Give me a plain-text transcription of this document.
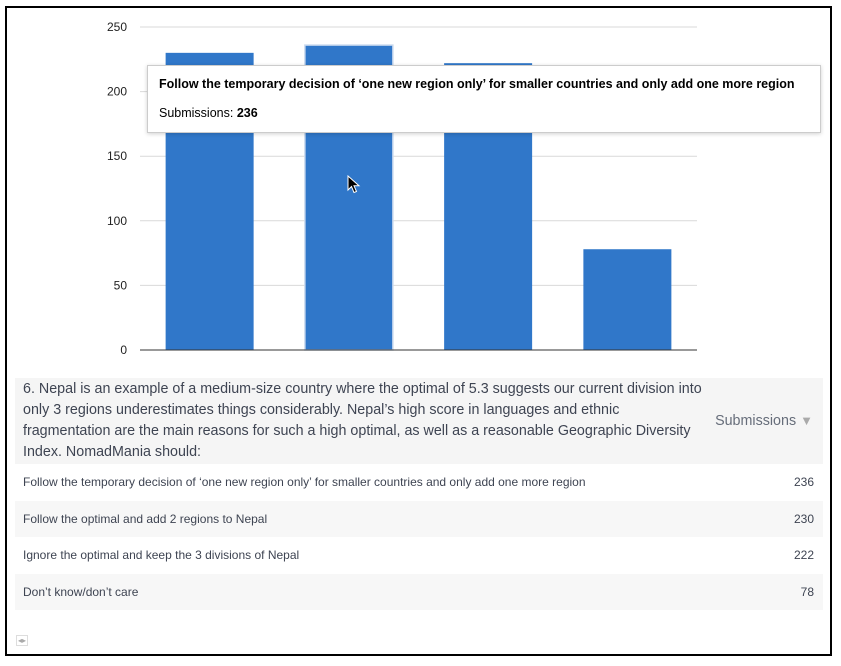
0
50
100
150
200
250
Follow the temporary decision of ‘one new region only’ for smaller countries and only add one more region
Submissions: 236
6. Nepal is an example of a medium-size country where the optimal of 5.3 suggests our current division into only 3 regions underestimates things considerably. Nepal’s high score in languages and ethnic fragmentation are the main reasons for such a high optimal, as well as a reasonable Geographic Diversity Index. NomadMania should:
Submissions ▼
Follow the temporary decision of ‘one new region only’ for smaller countries and only add one more region	236
Follow the optimal and add 2 regions to Nepal	230
Ignore the optimal and keep the 3 divisions of Nepal	222
Don’t know/don’t care	78
◂▸
